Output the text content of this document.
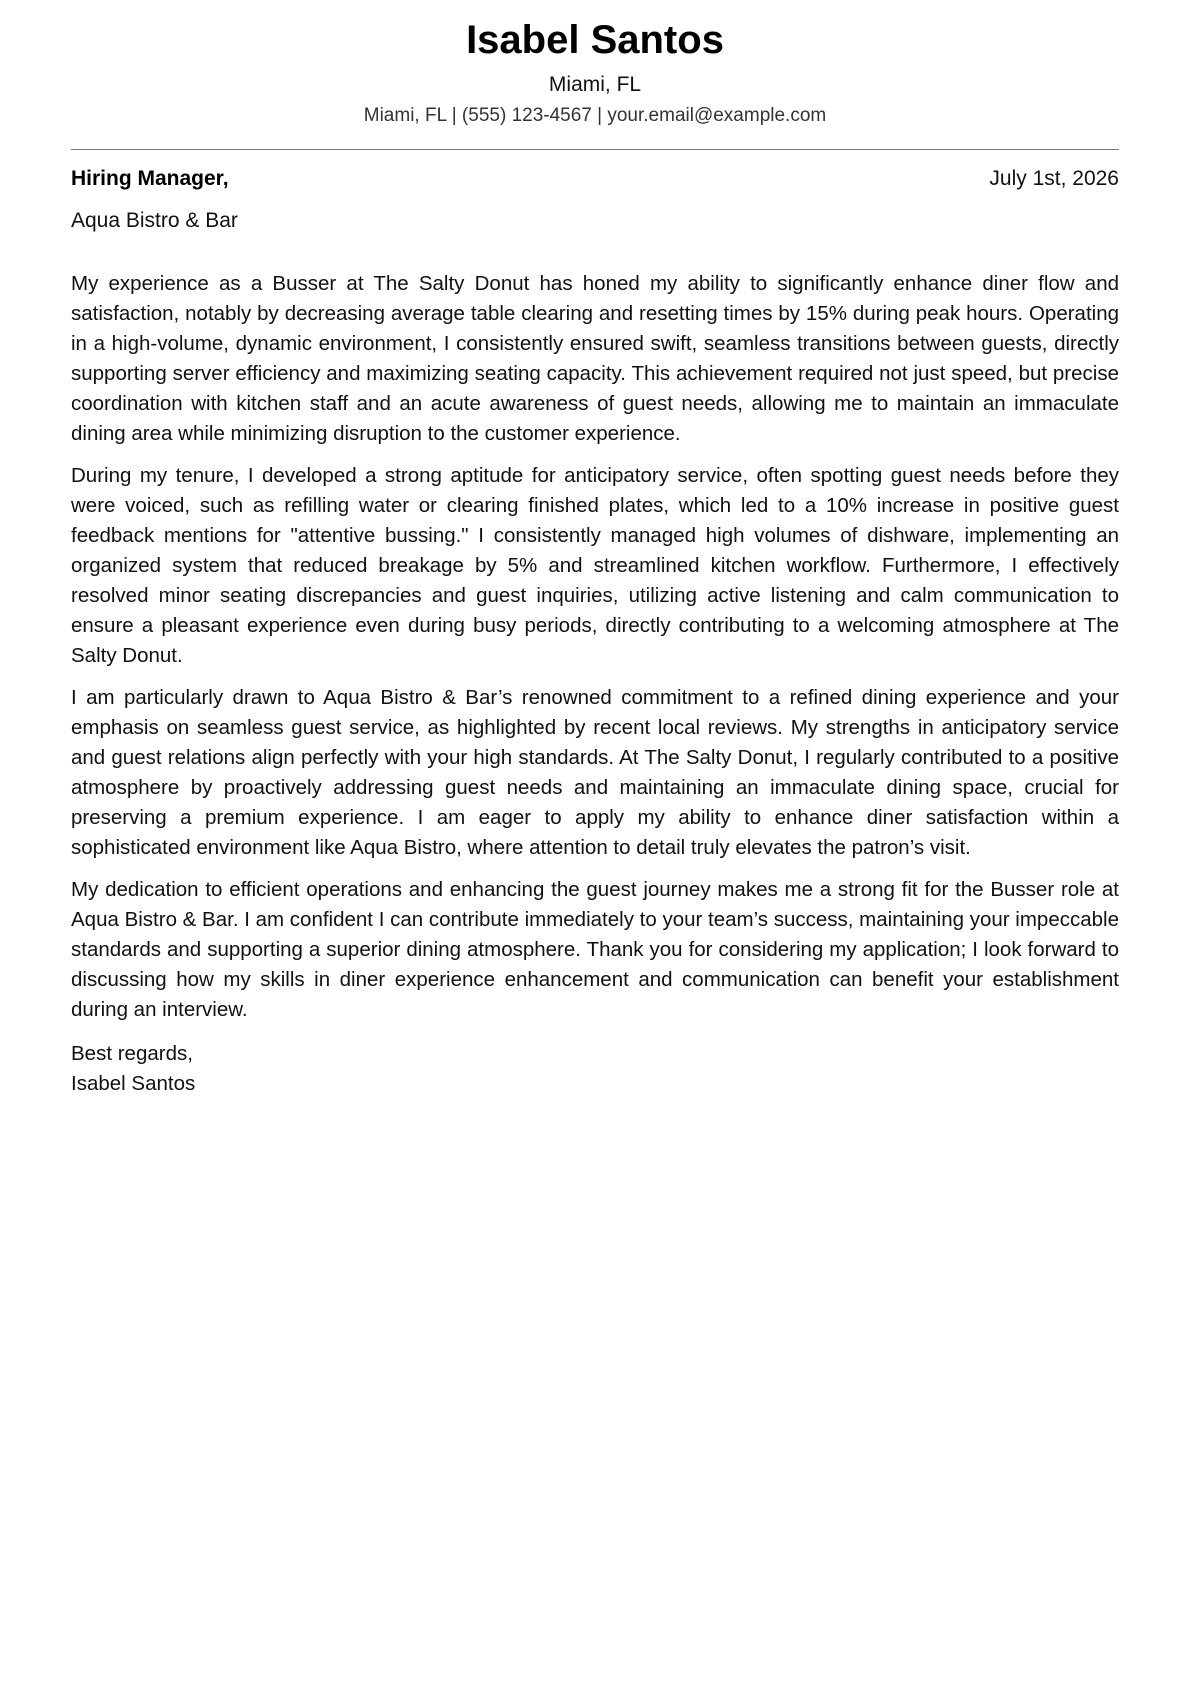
Isabel Santos
Miami, FL
Miami, FL | (555) 123-4567 | your.email@example.com
Hiring Manager,	July 1st, 2026
Aqua Bistro & Bar

My experience as a Busser at The Salty Donut has honed my ability to significantly enhance diner flow and satisfaction, notably by decreasing average table clearing and resetting times by 15% during peak hours. Operating in a high-volume, dynamic environment, I consistently ensured swift, seamless transitions between guests, directly supporting server efficiency and maximizing seating capacity. This achievement required not just speed, but precise coordination with kitchen staff and an acute awareness of guest needs, allowing me to maintain an immaculate dining area while minimizing disruption to the customer experience.

During my tenure, I developed a strong aptitude for anticipatory service, often spotting guest needs before they were voiced, such as refilling water or clearing finished plates, which led to a 10% increase in positive guest feedback mentions for "attentive bussing." I consistently managed high volumes of dishware, implementing an organized system that reduced breakage by 5% and streamlined kitchen workflow. Furthermore, I effectively resolved minor seating discrepancies and guest inquiries, utilizing active listening and calm communication to ensure a pleasant experience even during busy periods, directly contributing to a welcoming atmosphere at The Salty Donut.

I am particularly drawn to Aqua Bistro & Bar’s renowned commitment to a refined dining experience and your emphasis on seamless guest service, as highlighted by recent local reviews. My strengths in anticipatory service and guest relations align perfectly with your high standards. At The Salty Donut, I regularly contributed to a positive atmosphere by proactively addressing guest needs and maintaining an immaculate dining space, crucial for preserving a premium experience. I am eager to apply my ability to enhance diner satisfaction within a sophisticated environment like Aqua Bistro, where attention to detail truly elevates the patron’s visit.

My dedication to efficient operations and enhancing the guest journey makes me a strong fit for the Busser role at Aqua Bistro & Bar. I am confident I can contribute immediately to your team’s success, maintaining your impeccable standards and supporting a superior dining atmosphere. Thank you for considering my application; I look forward to discussing how my skills in diner experience enhancement and communication can benefit your establishment during an interview.

Best regards,
Isabel Santos
